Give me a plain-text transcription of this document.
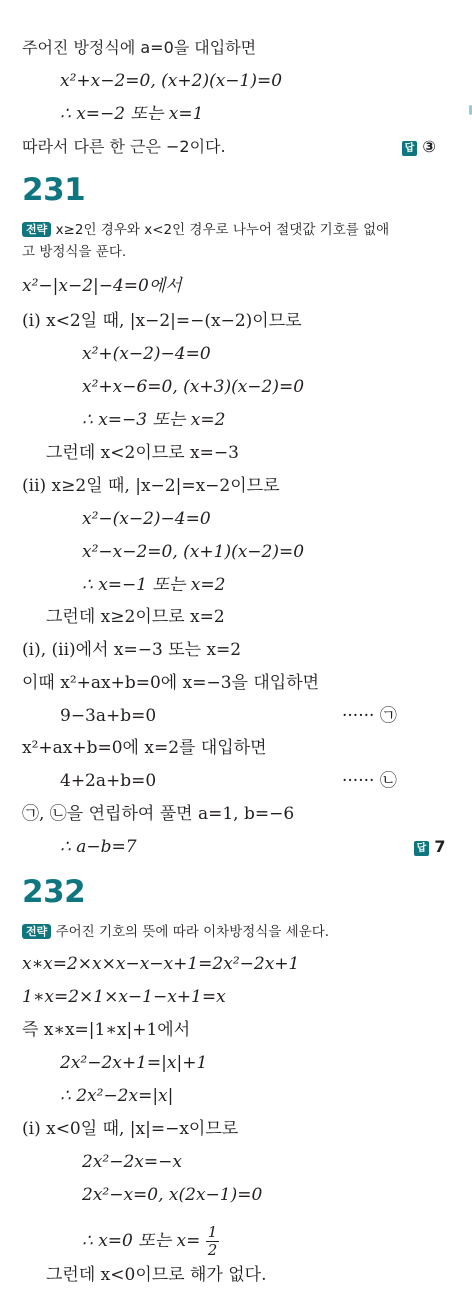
주어진 방정식에 a=0을 대입하면
x²+x−2=0, (x+2)(x−1)=0
∴ x=−2 또는 x=1
따라서 다른 한 근은 −2이다.	답 ③
231
전략 x≥2인 경우와 x<2인 경우로 나누어 절댓값 기호를 없애
고 방정식을 푼다.
x²−|x−2|−4=0에서
(i) x<2일 때, |x−2|=−(x−2)이므로
x²+(x−2)−4=0
x²+x−6=0, (x+3)(x−2)=0
∴ x=−3 또는 x=2
그런데 x<2이므로 x=−3
(ii) x≥2일 때, |x−2|=x−2이므로
x²−(x−2)−4=0
x²−x−2=0, (x+1)(x−2)=0
∴ x=−1 또는 x=2
그런데 x≥2이므로 x=2
(i), (ii)에서 x=−3 또는 x=2
이때 x²+ax+b=0에 x=−3을 대입하면
9−3a+b=0	······ ㉠
x²+ax+b=0에 x=2를 대입하면
4+2a+b=0	······ ㉡
㉠, ㉡을 연립하여 풀면 a=1, b=−6
∴ a−b=7	답 7
232
전략 주어진 기호의 뜻에 따라 이차방정식을 세운다.
x∗x=2×x×x−x−x+1=2x²−2x+1
1∗x=2×1×x−1−x+1=x
즉 x∗x=|1∗x|+1에서
2x²−2x+1=|x|+1
∴ 2x²−2x=|x|
(i) x<0일 때, |x|=−x이므로
2x²−2x=−x
2x²−x=0, x(2x−1)=0
∴ x=0 또는 $x= \frac{1}{2}$
그런데 x<0이므로 해가 없다.
